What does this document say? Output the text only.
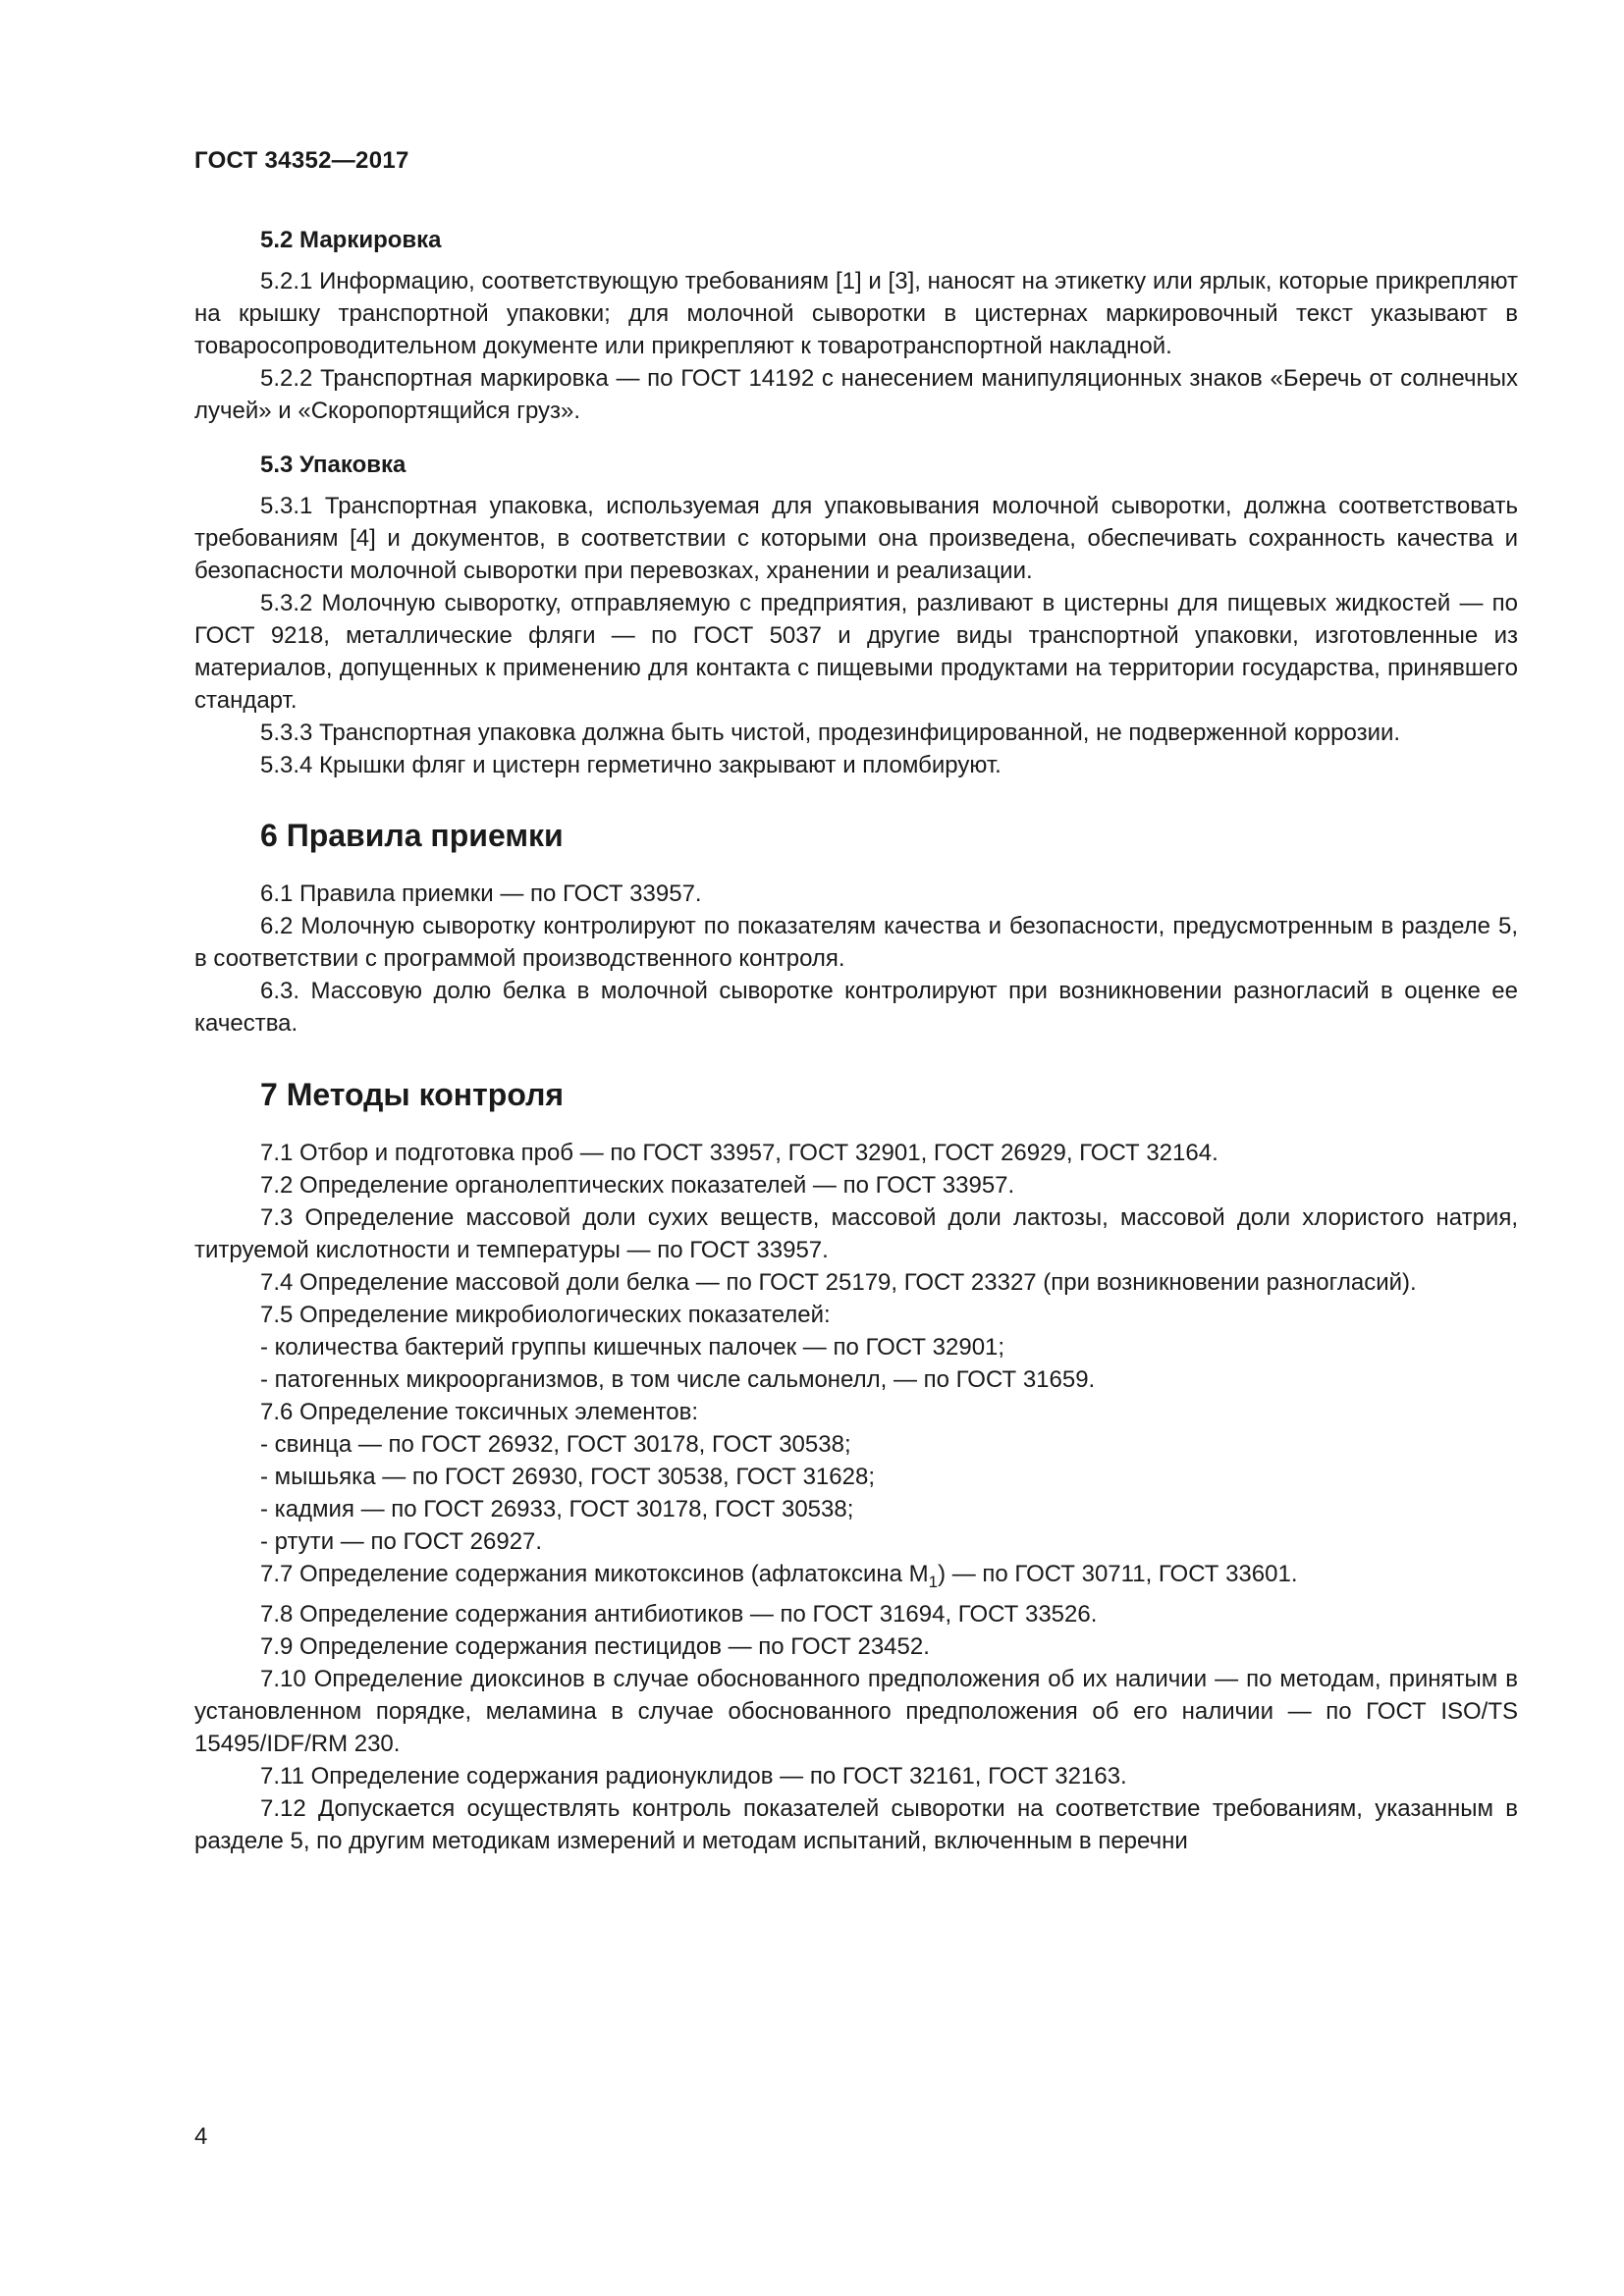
ГОСТ 34352—2017

5.2 Маркировка

5.2.1 Информацию, соответствующую требованиям [1] и [3], наносят на этикетку или ярлык, которые прикрепляют на крышку транспортной упаковки; для молочной сыворотки в цистернах маркировочный текст указывают в товаросопроводительном документе или прикрепляют к товаротранспортной накладной.

5.2.2 Транспортная маркировка — по ГОСТ 14192 с нанесением манипуляционных знаков «Беречь от солнечных лучей» и «Скоропортящийся груз».

5.3 Упаковка

5.3.1 Транспортная упаковка, используемая для упаковывания молочной сыворотки, должна соответствовать требованиям [4] и документов, в соответствии с которыми она произведена, обеспечивать сохранность качества и безопасности молочной сыворотки при перевозках, хранении и реализации.

5.3.2 Молочную сыворотку, отправляемую с предприятия, разливают в цистерны для пищевых жидкостей — по ГОСТ 9218, металлические фляги — по ГОСТ 5037 и другие виды транспортной упаковки, изготовленные из материалов, допущенных к применению для контакта с пищевыми продуктами на территории государства, принявшего стандарт.

5.3.3 Транспортная упаковка должна быть чистой, продезинфицированной, не подверженной коррозии.

5.3.4 Крышки фляг и цистерн герметично закрывают и пломбируют.

6 Правила приемки

6.1 Правила приемки — по ГОСТ 33957.

6.2 Молочную сыворотку контролируют по показателям качества и безопасности, предусмотренным в разделе 5, в соответствии с программой производственного контроля.

6.3. Массовую долю белка в молочной сыворотке контролируют при возникновении разногласий в оценке ее качества.

7 Методы контроля

7.1 Отбор и подготовка проб — по ГОСТ 33957, ГОСТ 32901, ГОСТ 26929, ГОСТ 32164.

7.2 Определение органолептических показателей — по ГОСТ 33957.

7.3 Определение массовой доли сухих веществ, массовой доли лактозы, массовой доли хлористого натрия, титруемой кислотности и температуры — по ГОСТ 33957.

7.4 Определение массовой доли белка — по ГОСТ 25179, ГОСТ 23327 (при возникновении разногласий).

7.5 Определение микробиологических показателей:

- количества бактерий группы кишечных палочек — по ГОСТ 32901;

- патогенных микроорганизмов, в том числе сальмонелл, — по ГОСТ 31659.

7.6 Определение токсичных элементов:

- свинца — по ГОСТ 26932, ГОСТ 30178, ГОСТ 30538;

- мышьяка — по ГОСТ 26930, ГОСТ 30538, ГОСТ 31628;

- кадмия — по ГОСТ 26933, ГОСТ 30178, ГОСТ 30538;

- ртути — по ГОСТ 26927.

7.7 Определение содержания микотоксинов (афлатоксина $М_1$) — по ГОСТ 30711, ГОСТ 33601.

7.8 Определение содержания антибиотиков — по ГОСТ 31694, ГОСТ 33526.

7.9 Определение содержания пестицидов — по ГОСТ 23452.

7.10 Определение диоксинов в случае обоснованного предположения об их наличии — по методам, принятым в установленном порядке, меламина в случае обоснованного предположения об его наличии — по ГОСТ ISO/TS 15495/IDF/RM 230.

7.11 Определение содержания радионуклидов — по ГОСТ 32161, ГОСТ 32163.

7.12 Допускается осуществлять контроль показателей сыворотки на соответствие требованиям, указанным в разделе 5, по другим методикам измерений и методам испытаний, включенным в перечни

4
